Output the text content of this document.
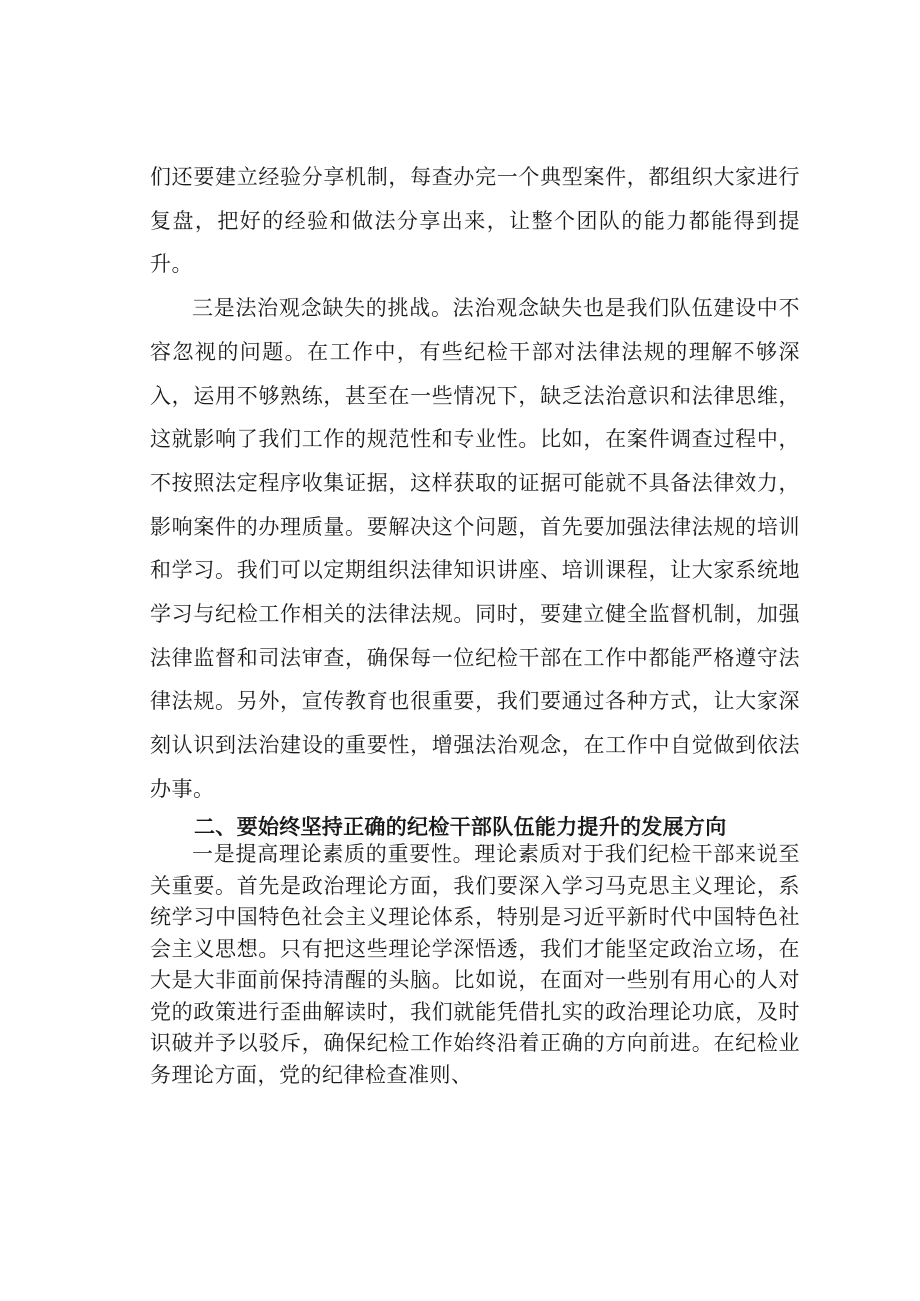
们还要建立经验分享机制，每查办完一个典型案件，都组织大家进行复盘，把好的经验和做法分享出来，让整个团队的能力都能得到提升。

三是法治观念缺失的挑战。法治观念缺失也是我们队伍建设中不容忽视的问题。在工作中，有些纪检干部对法律法规的理解不够深入，运用不够熟练，甚至在一些情况下，缺乏法治意识和法律思维，这就影响了我们工作的规范性和专业性。比如，在案件调查过程中，不按照法定程序收集证据，这样获取的证据可能就不具备法律效力，影响案件的办理质量。要解决这个问题，首先要加强法律法规的培训和学习。我们可以定期组织法律知识讲座、培训课程，让大家系统地学习与纪检工作相关的法律法规。同时，要建立健全监督机制，加强法律监督和司法审查，确保每一位纪检干部在工作中都能严格遵守法律法规。另外，宣传教育也很重要，我们要通过各种方式，让大家深刻认识到法治建设的重要性，增强法治观念，在工作中自觉做到依法办事。

二、要始终坚持正确的纪检干部队伍能力提升的发展方向

一是提高理论素质的重要性。理论素质对于我们纪检干部来说至关重要。首先是政治理论方面，我们要深入学习马克思主义理论，系统学习中国特色社会主义理论体系，特别是习近平新时代中国特色社会主义思想。只有把这些理论学深悟透，我们才能坚定政治立场，在大是大非面前保持清醒的头脑。比如说，在面对一些别有用心的人对党的政策进行歪曲解读时，我们就能凭借扎实的政治理论功底，及时识破并予以驳斥，确保纪检工作始终沿着正确的方向前进。在纪检业务理论方面，党的纪律检查准则、
